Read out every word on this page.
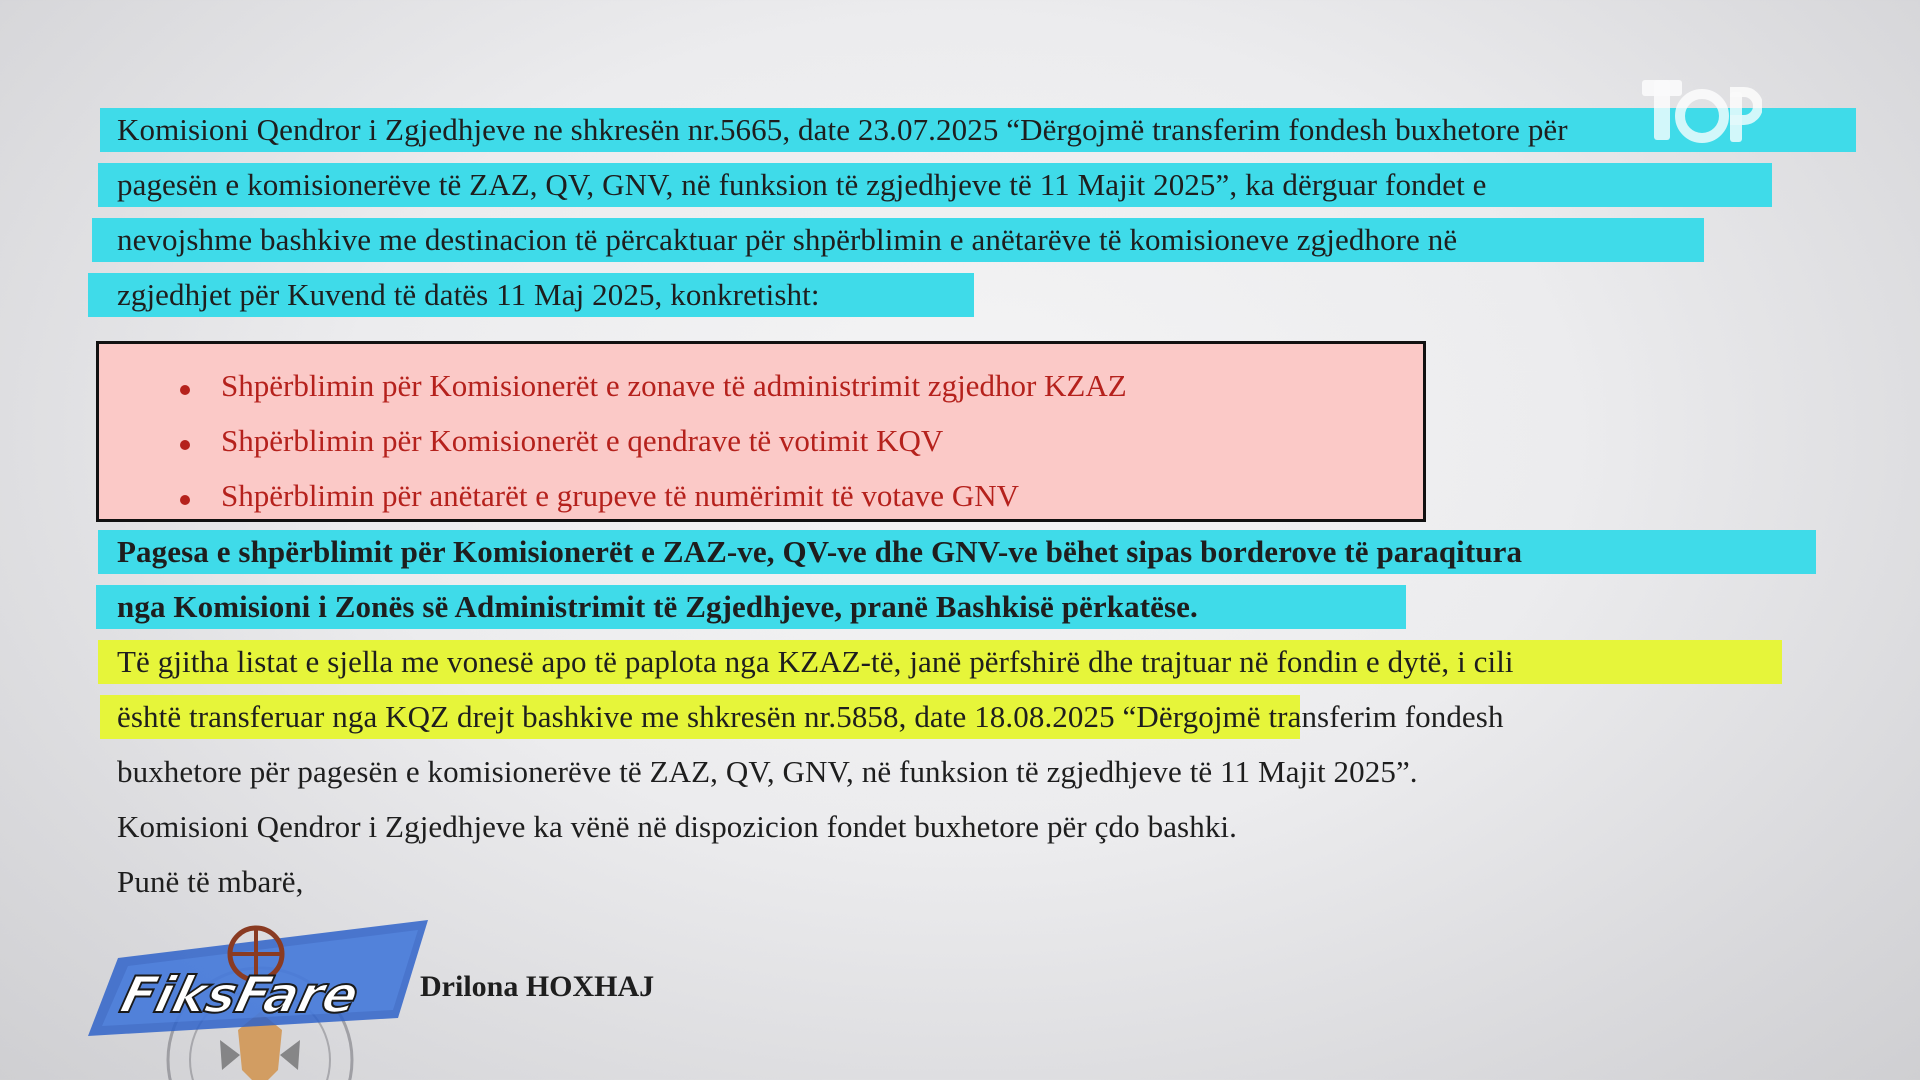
Komisioni Qendror i Zgjedhjeve ne shkresën nr.5665, date 23.07.2025 “Dërgojmë transferim fondesh buxhetore për
pagesën e komisionerëve të ZAZ, QV, GNV, në funksion të zgjedhjeve të 11 Majit 2025”, ka dërguar fondet e
nevojshme bashkive me destinacion të përcaktuar për shpërblimin e anëtarëve të komisioneve zgjedhore në
zgjedhjet për Kuvend të datës 11 Maj 2025, konkretisht:
Shpërblimin për Komisionerët e zonave të administrimit zgjedhor KZAZ
Shpërblimin për Komisionerët e qendrave të votimit KQV
Shpërblimin për anëtarët e grupeve të numërimit të votave GNV
Pagesa e shpërblimit për Komisionerët e ZAZ-ve, QV-ve dhe GNV-ve bëhet sipas borderove të paraqitura
nga Komisioni i Zonës së Administrimit të Zgjedhjeve, pranë Bashkisë përkatëse.
Të gjitha listat e sjella me vonesë apo të paplota nga KZAZ-të, janë përfshirë dhe trajtuar në fondin e dytë, i cili
është transferuar nga KQZ drejt bashkive me shkresën nr.5858, date 18.08.2025 “Dërgojmë transferim fondesh
buxhetore për pagesën e komisionerëve të ZAZ, QV, GNV, në funksion të zgjedhjeve të 11 Majit 2025”.
Komisioni Qendror i Zgjedhjeve ka vënë në dispozicion fondet buxhetore për çdo bashki.
Punë të mbarë,
FiksFare Drilona HOXHAJ
